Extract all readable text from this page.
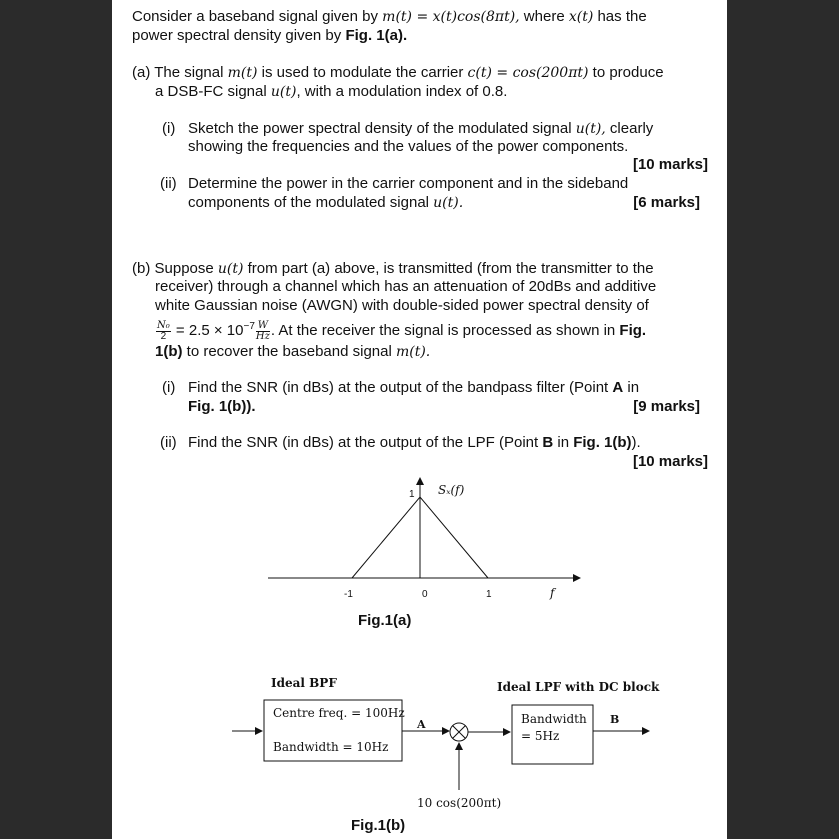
Consider a baseband signal given by m(t) = x(t)cos(8πt), where x(t) has the
power spectral density given by Fig. 1(a).
(a) The signal m(t) is used to modulate the carrier c(t) = cos(200πt) to produce
a DSB-FC signal u(t), with a modulation index of 0.8.
(i) Sketch the power spectral density of the modulated signal u(t), clearly
showing the frequencies and the values of the power components.
[10 marks]
(ii) Determine the power in the carrier component and in the sideband
components of the modulated signal u(t).	[6 marks]
(b) Suppose u(t) from part (a) above, is transmitted (from the transmitter to the
receiver) through a channel which has an attenuation of 20dBs and additive
white Gaussian noise (AWGN) with double-sided power spectral density of
$\frac{\text{N₀}}{2} = 2.5 \times 10^{-7} \frac{W}{Hz}$ . At the receiver the signal is processed as shown in Fig.
1(b) to recover the baseband signal m(t).
(i) Find the SNR (in dBs) at the output of the bandpass filter (Point A in
Fig. 1(b)).	[9 marks]
(ii) Find the SNR (in dBs) at the output of the LPF (Point B in Fig. 1(b)).
[10 marks]
1 Sₓ(f)
f
-1	0	1
Fig.1(a)
Ideal BPF
Centre freq. = 100Hz
Bandwidth = 10Hz
A
Ideal LPF with DC block
Bandwidth
= 5Hz
B
10 cos(200πt)
Fig.1(b)
